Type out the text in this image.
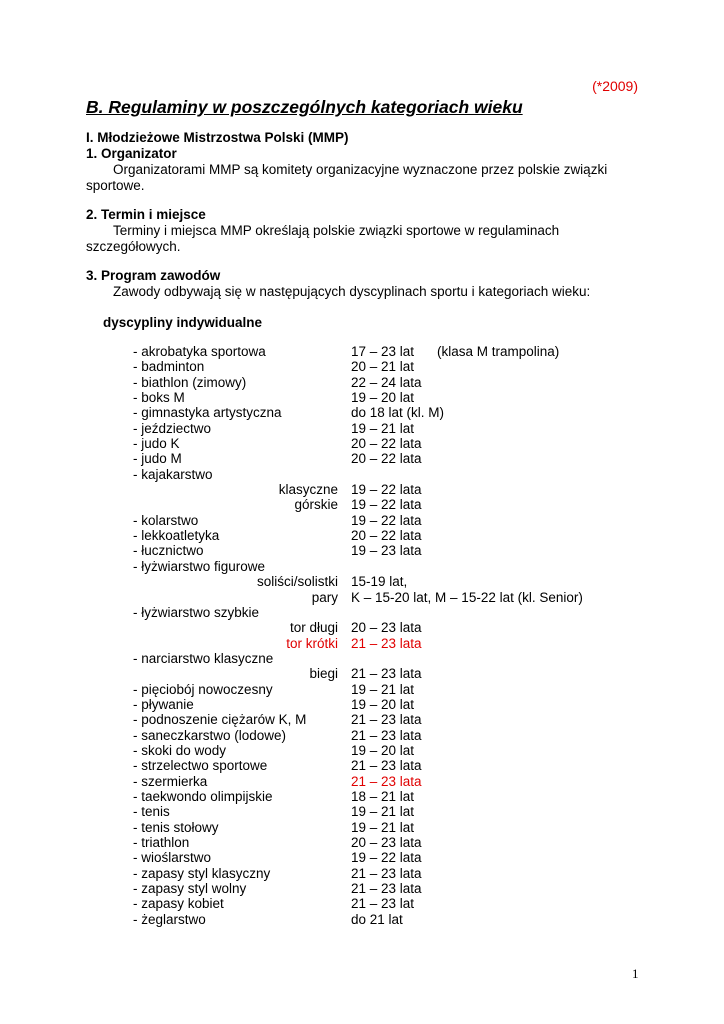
(*2009)
B. Regulaminy w poszczególnych kategoriach wieku
I. Młodzieżowe Mistrzostwa Polski (MMP)
1. Organizator
Organizatorami MMP są komitety organizacyjne wyznaczone przez polskie związki
sportowe.
2. Termin i miejsce
Terminy i miejsca MMP określają polskie związki sportowe w regulaminach
szczegółowych.
3. Program zawodów
Zawody odbywają się w następujących dyscyplinach sportu i kategoriach wieku:
dyscypliny indywidualne
- akrobatyka sportowa	17 – 23 lat (klasa M trampolina)
- badminton	20 – 21 lat
- biathlon (zimowy)	22 – 24 lata
- boks M	19 – 20 lat
- gimnastyka artystyczna	do 18 lat (kl. M)
- jeździectwo	19 – 21 lat
- judo K	20 – 22 lata
- judo M	20 – 22 lata
- kajakarstwo
klasyczne 19 – 22 lata
górskie 19 – 22 lata
- kolarstwo	19 – 22 lata
- lekkoatletyka	20 – 22 lata
- łucznictwo	19 – 23 lata
- łyżwiarstwo figurowe
soliści/solistki 15-19 lat,
pary K – 15-20 lat, M – 15-22 lat (kl. Senior)
- łyżwiarstwo szybkie
tor długi 20 – 23 lata
tor krótki 21 – 23 lata
- narciarstwo klasyczne
biegi 21 – 23 lata
- pięciobój nowoczesny	19 – 21 lat
- pływanie	19 – 20 lat
- podnoszenie ciężarów K, M	21 – 23 lata
- saneczkarstwo (lodowe)	21 – 23 lata
- skoki do wody	19 – 20 lat
- strzelectwo sportowe	21 – 23 lata
- szermierka	21 – 23 lata
- taekwondo olimpijskie	18 – 21 lat
- tenis	19 – 21 lat
- tenis stołowy	19 – 21 lat
- triathlon	20 – 23 lata
- wioślarstwo	19 – 22 lata
- zapasy styl klasyczny	21 – 23 lata
- zapasy styl wolny	21 – 23 lata
- zapasy kobiet	21 – 23 lat
- żeglarstwo	do 21 lat
1
